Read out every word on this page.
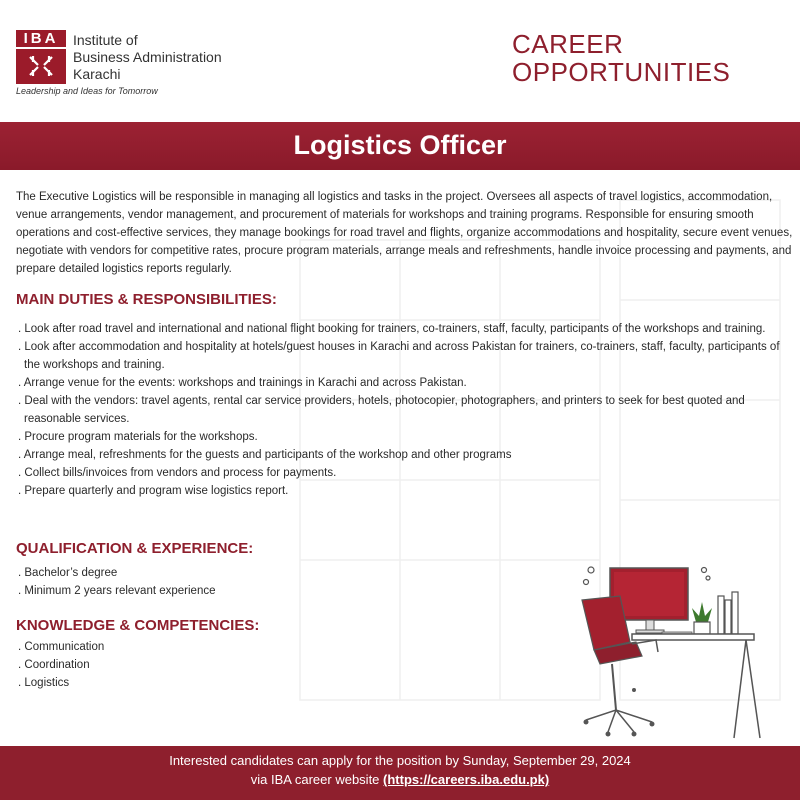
IBA	Institute of
Business Administration
Karachi
Leadership and Ideas for Tomorrow
CAREER
OPPORTUNITIES
Logistics Officer
The Executive Logistics will be responsible in managing all logistics and tasks in the project. Oversees all aspects of travel logistics, accommodation, venue arrangements, vendor management, and procurement of materials for workshops and training programs. Responsible for ensuring smooth operations and cost-effective services, they manage bookings for road travel and flights, organize accommodations and hospitality, secure event venues, negotiate with vendors for competitive rates, procure program materials, arrange meals and refreshments, handle invoice processing and payments, and prepare detailed logistics reports regularly.
MAIN DUTIES & RESPONSIBILITIES:
. Look after road travel and international and national flight booking for trainers, co-trainers, staff, faculty, participants of the workshops and training.
. Look after accommodation and hospitality at hotels/guest houses in Karachi and across Pakistan for trainers, co-trainers, staff, faculty, participants of the workshops and training.
. Arrange venue for the events: workshops and trainings in Karachi and across Pakistan.
. Deal with the vendors: travel agents, rental car service providers, hotels, photocopier, photographers, and printers to seek for best quoted and reasonable services.
. Procure program materials for the workshops.
. Arrange meal, refreshments for the guests and participants of the workshop and other programs
. Collect bills/invoices from vendors and process for payments.
. Prepare quarterly and program wise logistics report.
QUALIFICATION & EXPERIENCE:
. Bachelor’s degree
. Minimum 2 years relevant experience
KNOWLEDGE & COMPETENCIES:
. Communication
. Coordination
. Logistics
Interested candidates can apply for the position by Sunday, September 29, 2024
via IBA career website (https://careers.iba.edu.pk)
